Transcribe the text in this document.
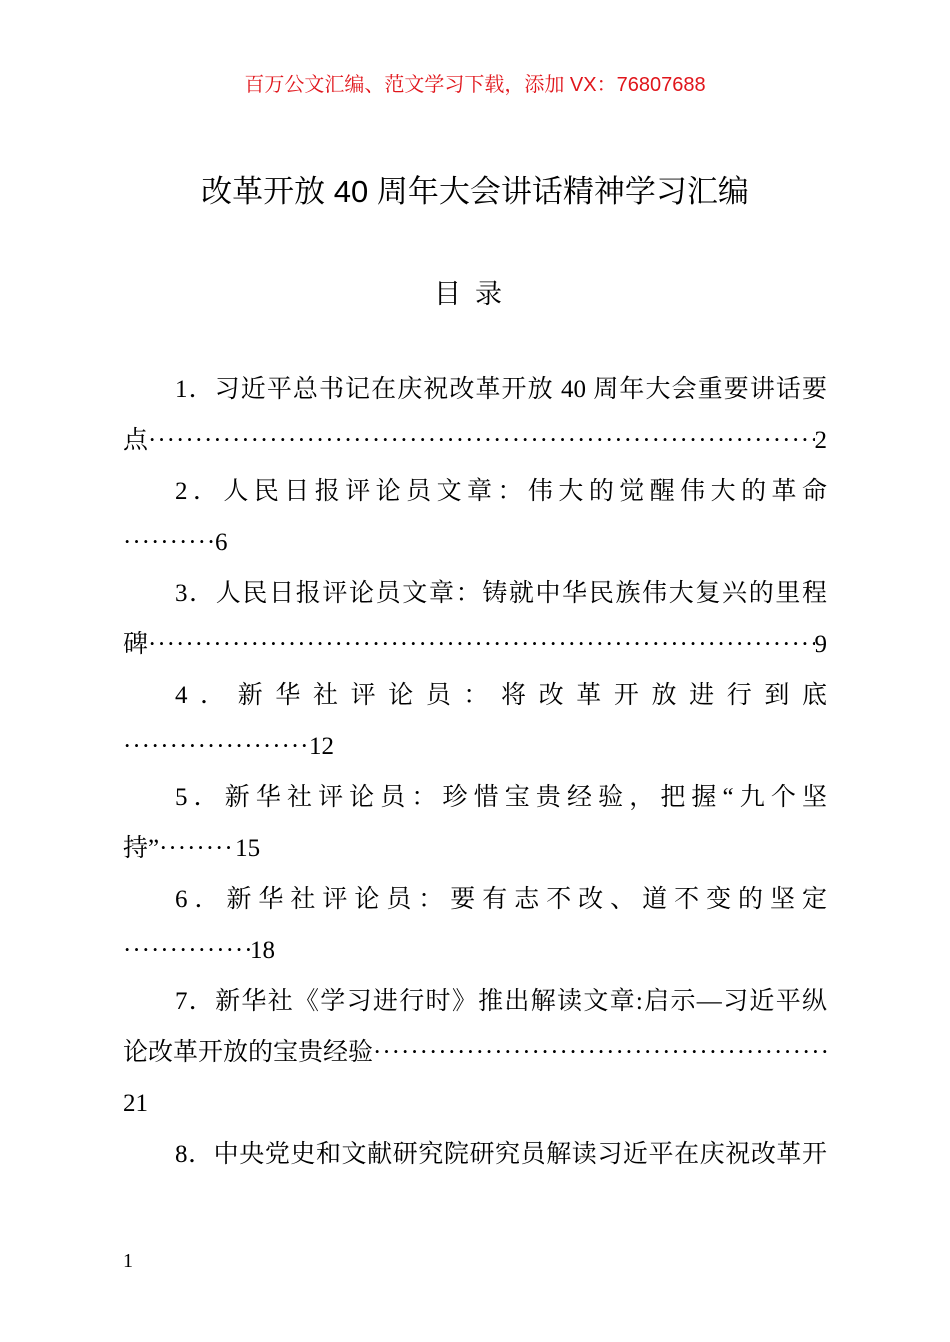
百万公文汇编、范文学习下载，添加 VX：76807688
改革开放 40 周年大会讲话精神学习汇编
目录
1．习近平总书记在庆祝改革开放 40 周年大会重要讲话要
点 ·····	2
2．人民日报评论员文章：伟大的觉醒伟大的革命
·····
6
3．人民日报评论员文章：铸就中华民族伟大复兴的里程
碑 ·····	9
4．新华社评论员：将改革开放进行到底
·····
12
5．新华社评论员：珍惜宝贵经验，把握“九个坚
持” ·····	15
6．新华社评论员：要有志不改、道不变的坚定
·····
18
7．新华社《学习进行时》推出解读文章:启示—习近平纵
论改革开放的宝贵经验
·····
21
8．中央党史和文献研究院研究员解读习近平在庆祝改革开
1
